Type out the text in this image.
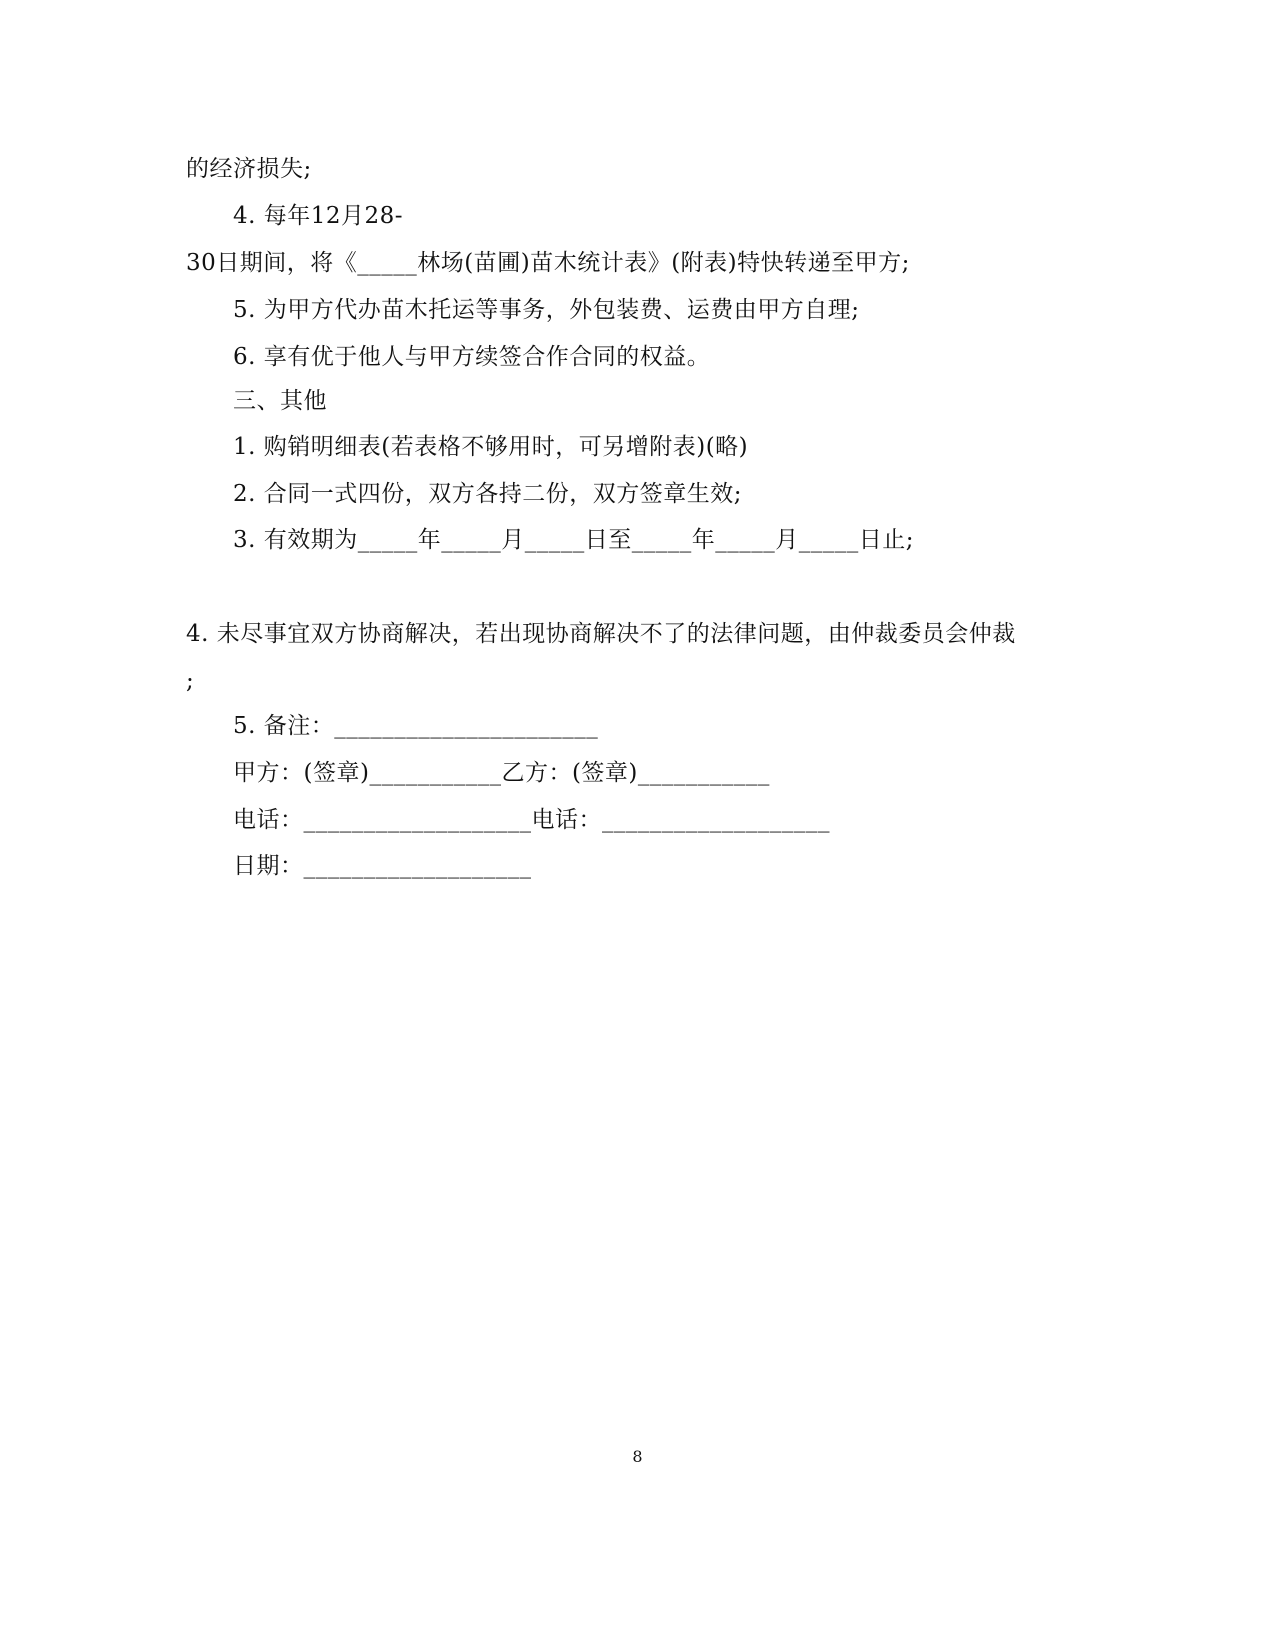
的经济损失;
4. 每年12月28-
30日期间，将《_____林场(苗圃)苗木统计表》(附表)特快转递至甲方;
5. 为甲方代办苗木托运等事务，外包装费、运费由甲方自理;
6. 享有优于他人与甲方续签合作合同的权益。
三、其他
1. 购销明细表(若表格不够用时，可另增附表)(略)
2. 合同一式四份，双方各持二份，双方签章生效;
3. 有效期为_____年_____月_____日至_____年_____月_____日止;
4. 未尽事宜双方协商解决，若出现协商解决不了的法律问题，由仲裁委员会仲裁
;
5. 备注：______________________
甲方：(签章)___________乙方：(签章)___________
电话：___________________电话：___________________
日期：___________________
8
